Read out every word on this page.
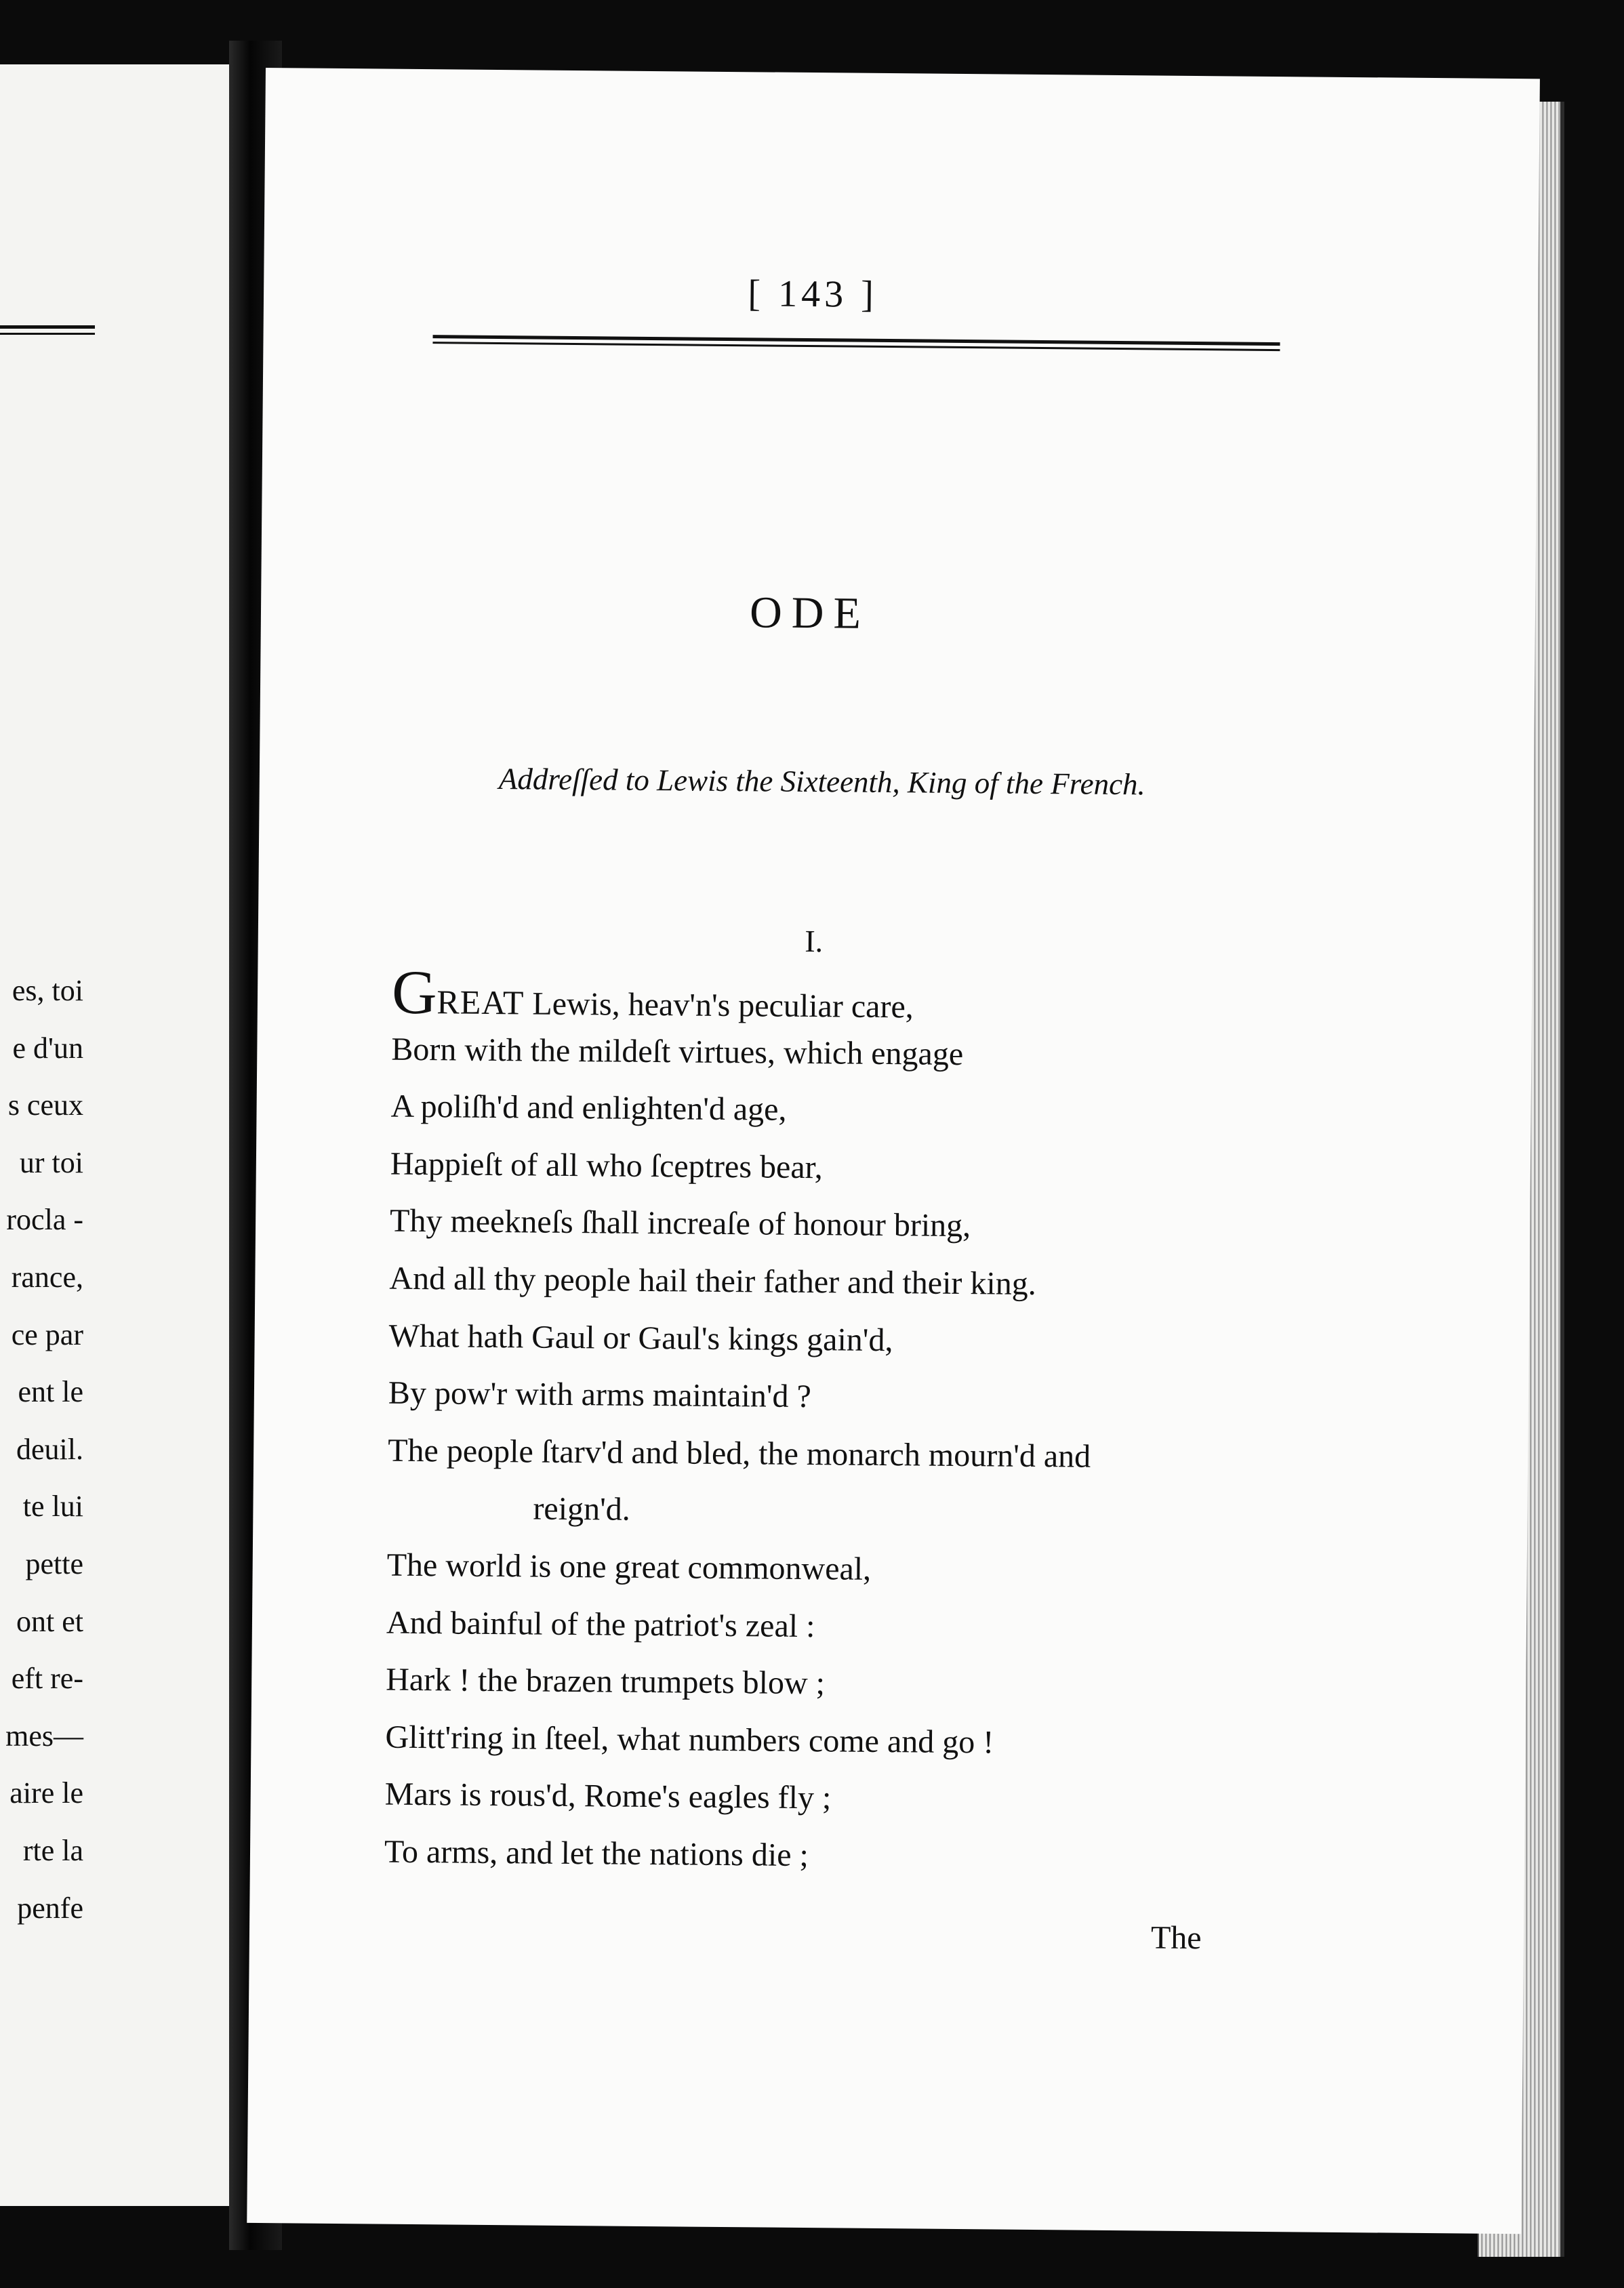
es, toi
e d'un
s ceux
ur toi
rocla -
rance,
ce par
ent le
deuil.
te lui
pette
ont et
eft re-
mes—
aire le
rte la
penfe
[ 143 ]
ODE
Addreſſed to Lewis the Sixteenth, King of the French.
I.
GREAT Lewis, heav'n's peculiar care,
Born with the mildeſt virtues, which engage
A poliſh'd and enlighten'd age,
Happieſt of all who ſceptres bear,
Thy meekneſs ſhall increaſe of honour bring,
And all thy people hail their father and their king.
What hath Gaul or Gaul's kings gain'd,
By pow'r with arms maintain'd ?
The people ſtarv'd and bled, the monarch mourn'd and
reign'd.
The world is one great commonweal,
And bainful of the patriot's zeal :
Hark ! the brazen trumpets blow ;
Glitt'ring in ſteel, what numbers come and go !
Mars is rous'd, Rome's eagles fly ;
To arms, and let the nations die ;
The
